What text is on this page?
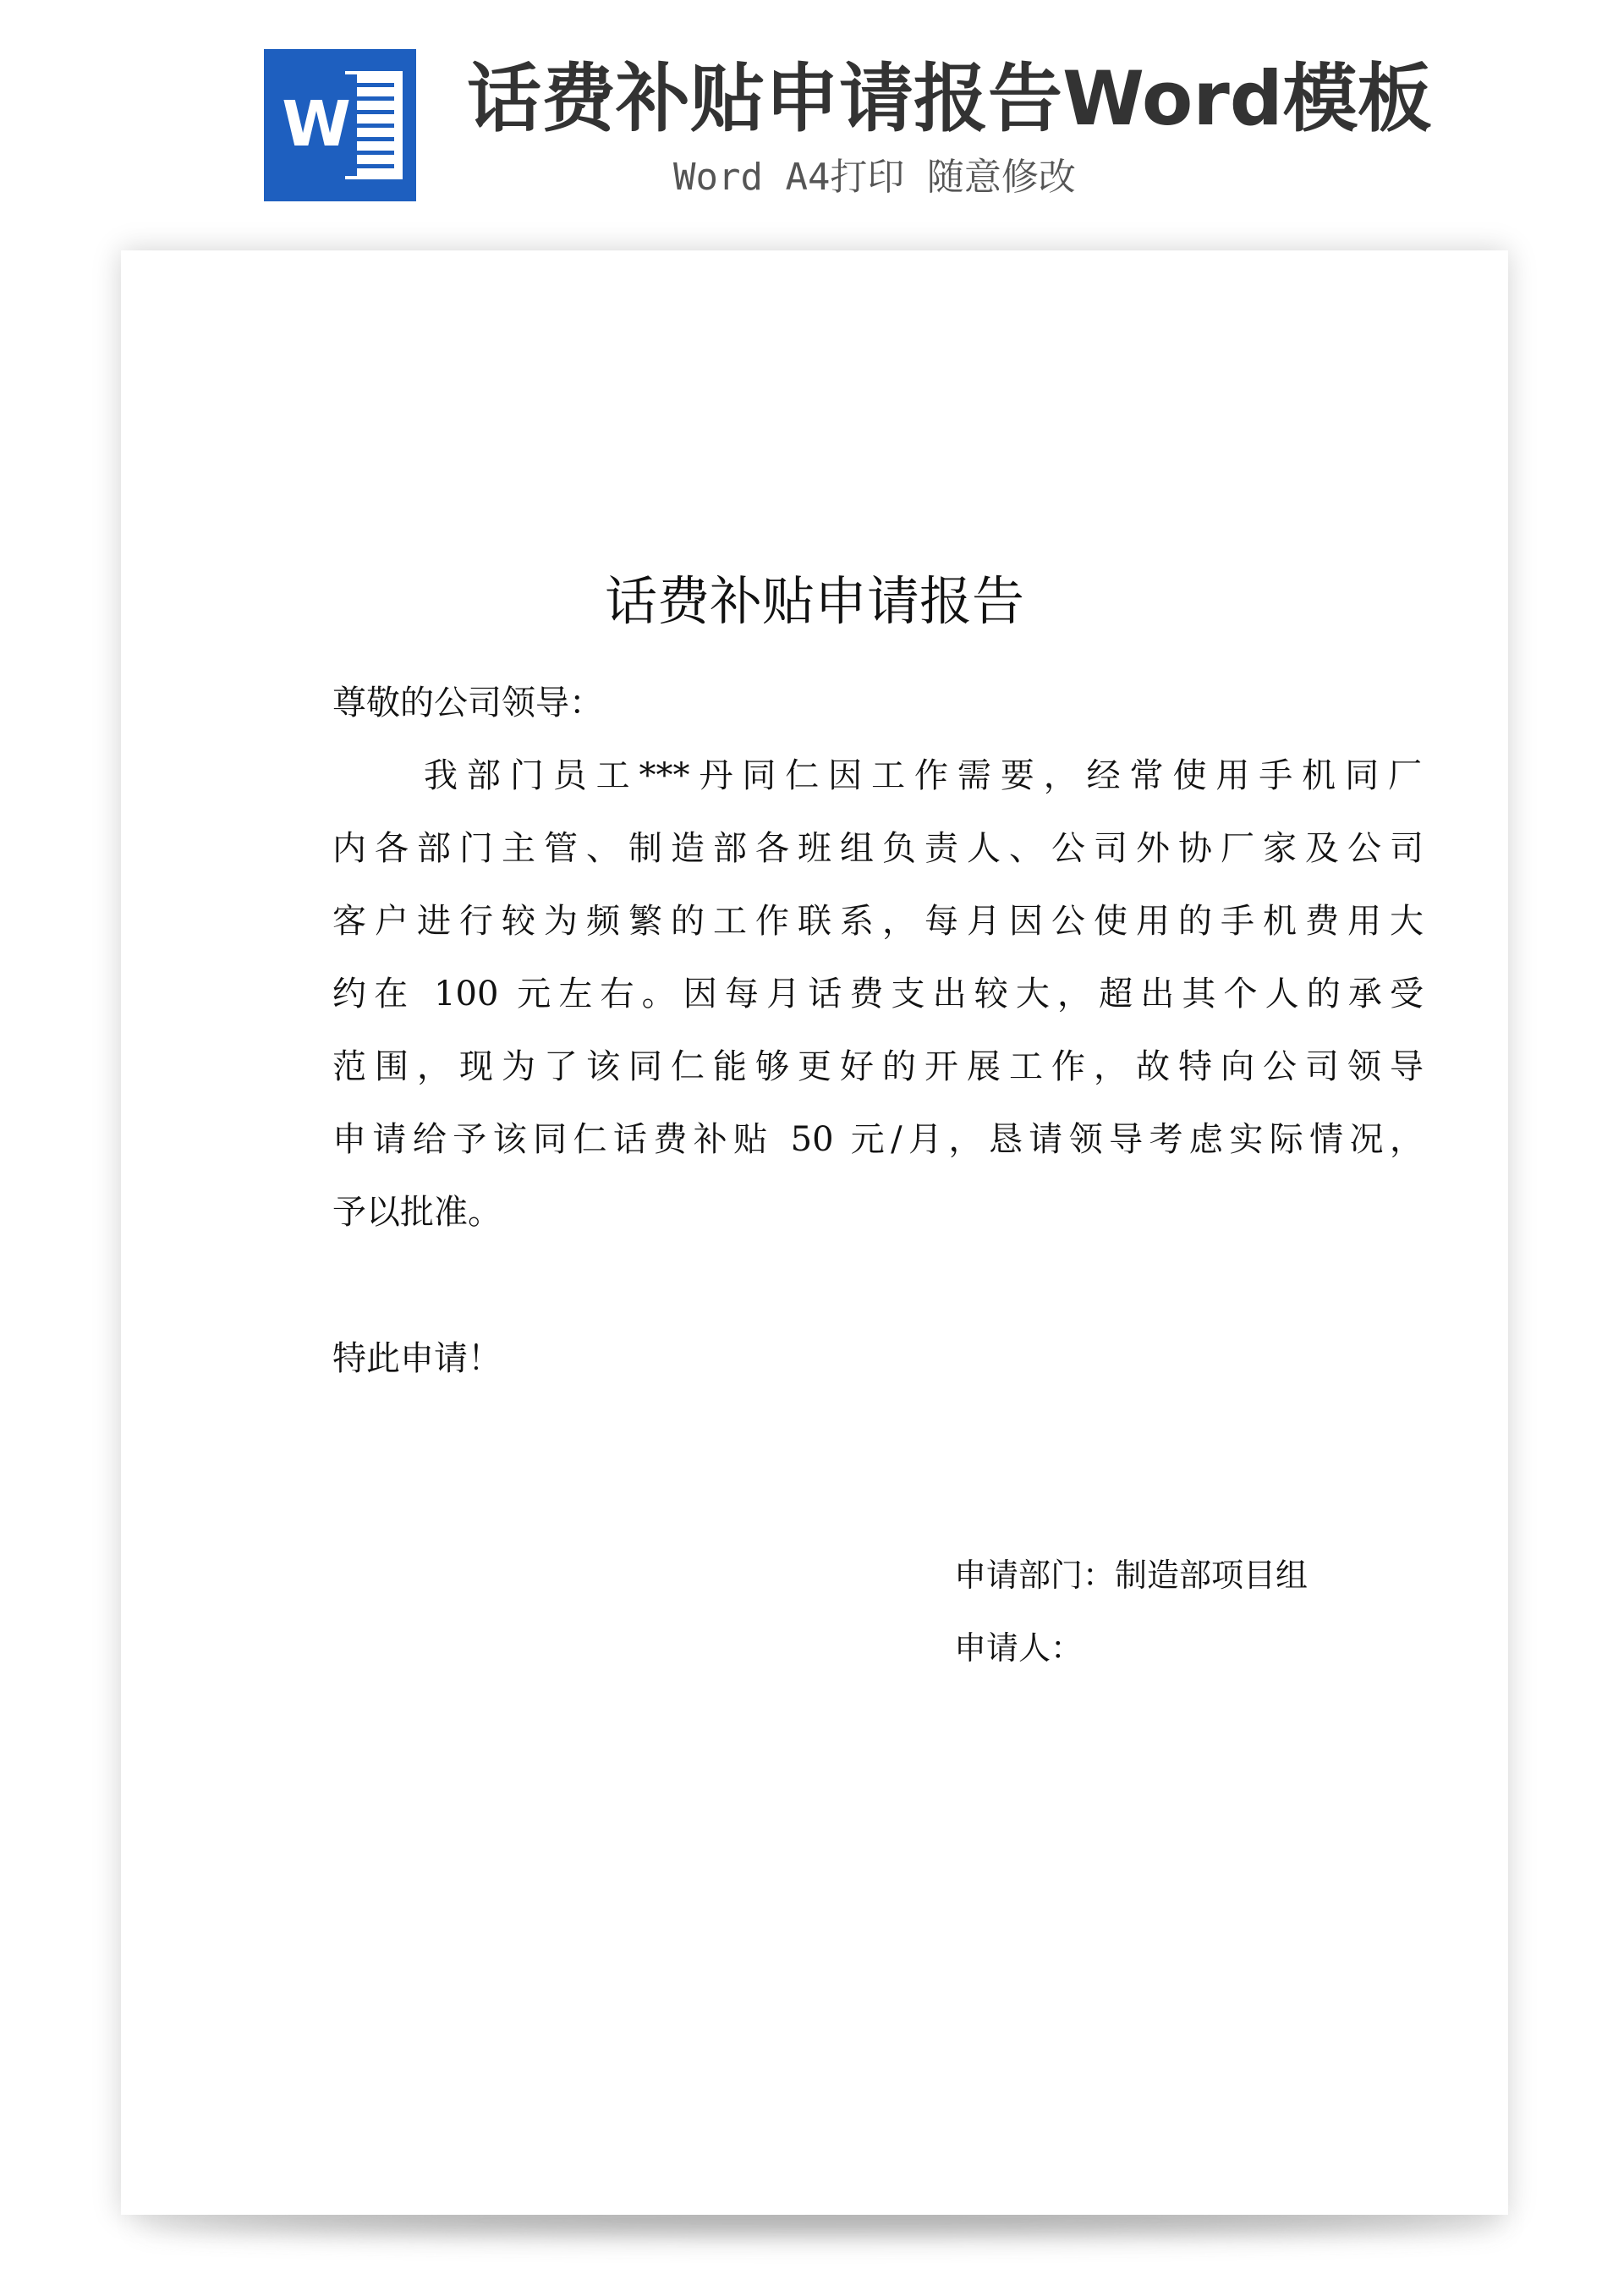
W 话费补贴申请报告Word模板
Word A4打印 随意修改
话费补贴申请报告
尊敬的公司领导：
我部门员工***丹同仁因工作需要，经常使用手机同厂
内各部门主管、制造部各班组负责人、公司外协厂家及公司
客户进行较为频繁的工作联系，每月因公使用的手机费用大
约在 100 元左右。因每月话费支出较大，超出其个人的承受
范围，现为了该同仁能够更好的开展工作，故特向公司领导
申请给予该同仁话费补贴 50 元/月，恳请领导考虑实际情况，
予以批准。
特此申请！
申请部门：制造部项目组
申请人：
